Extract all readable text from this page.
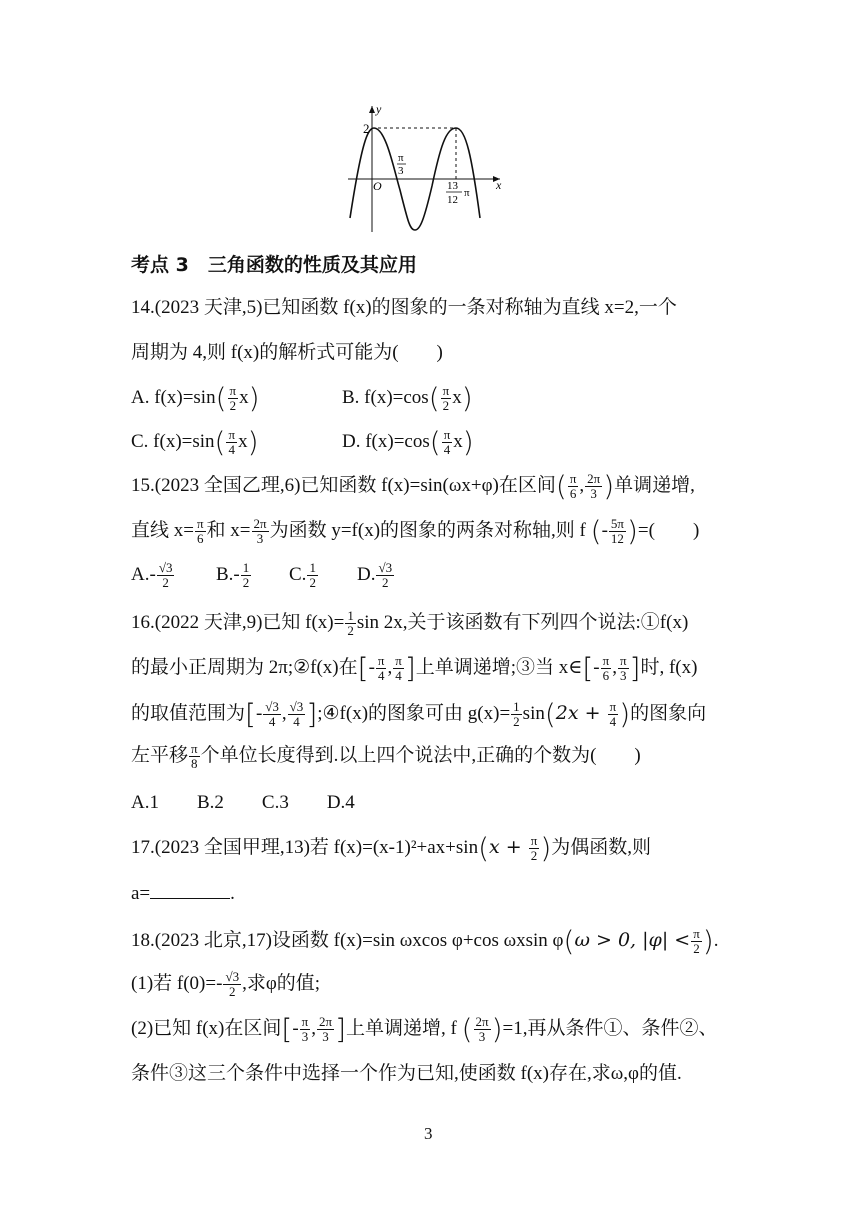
y
x
2
O
π
3
13
12
π
考点 3　三角函数的性质及其应用
14.(2023 天津,5)已知函数 f(x)的图象的一条对称轴为直线 x=2,一个
周期为 4,则 f(x)的解析式可能为(　　)
A. $f(x)=\sin( \frac{\pi}{2} x)$	B. $f(x)=\cos( \frac{\pi}{2} x)$
C. $f(x)=\sin( \frac{\pi}{4} x)$	D. $f(x)=\cos( \frac{\pi}{4} x)$
15.(2023 全国乙理,6)已知函数 f(x)=sin(ωx+φ)在区间( $\frac{\pi}{6}$ , $\frac{2\pi}{3}$ )单调递增,
直线 $x= \frac{\pi}{6}$ 和 $x= \frac{2\pi}{3}$ 为函数 y=f(x)的图象的两条对称轴,则 f (- $\frac{5\pi}{12}$ )=(　　)
$A.- \frac{√3}{2} B.- \frac{1}{2} C$. $\frac{1}{2} D$. $\frac{√3}{2}$
16.(2022 天津,9)已知 $f(x)= \frac{1}{2}$ sin 2x,关于该函数有下列四个说法:①f(x)
的最小正周期为 2π;②f(x)在[- $\frac{\pi}{4}$ , $\frac{\pi}{4}$ ]上单调递增;③当 x∈[- $\frac{\pi}{6}$ , $\frac{\pi}{3}$ ]时, f(x)
的取值范围为[- $\frac{√3}{4}$ , $\frac{√3}{4}$ ];④f(x)的图象可由 $g(x)= \frac{1}{2}$ sin(2𝑥 + $\frac{\pi}{4}$ )的图象向
左平移 $\frac{\pi}{8}$ 个单位长度得到.以上四个说法中,正确的个数为(　　)
A.1　　B.2　　C.3　　D.4
17.(2023 全国甲理,13)若 f(x)=(x-1)²+ax+sin(𝑥 + $\frac{\pi}{2}$ )为偶函数,则
a=	.
18.(2023 北京,17)设函数 f(x)=sin ωxcos φ+cos ωxsin φ(𝜔 > 0, |𝜑| < $\frac{\pi}{2}$ ).
(1)若 $f(0)=- \frac{√3}{2}$ ,求φ的值;
(2)已知 f(x)在区间[- $\frac{\pi}{3}$ , $\frac{2\pi}{3}$ ]上单调递增, f ( $\frac{2\pi}{3} )=1$,再从条件①、条件②、
条件③这三个条件中选择一个作为已知,使函数 f(x)存在,求ω,φ的值.
3
